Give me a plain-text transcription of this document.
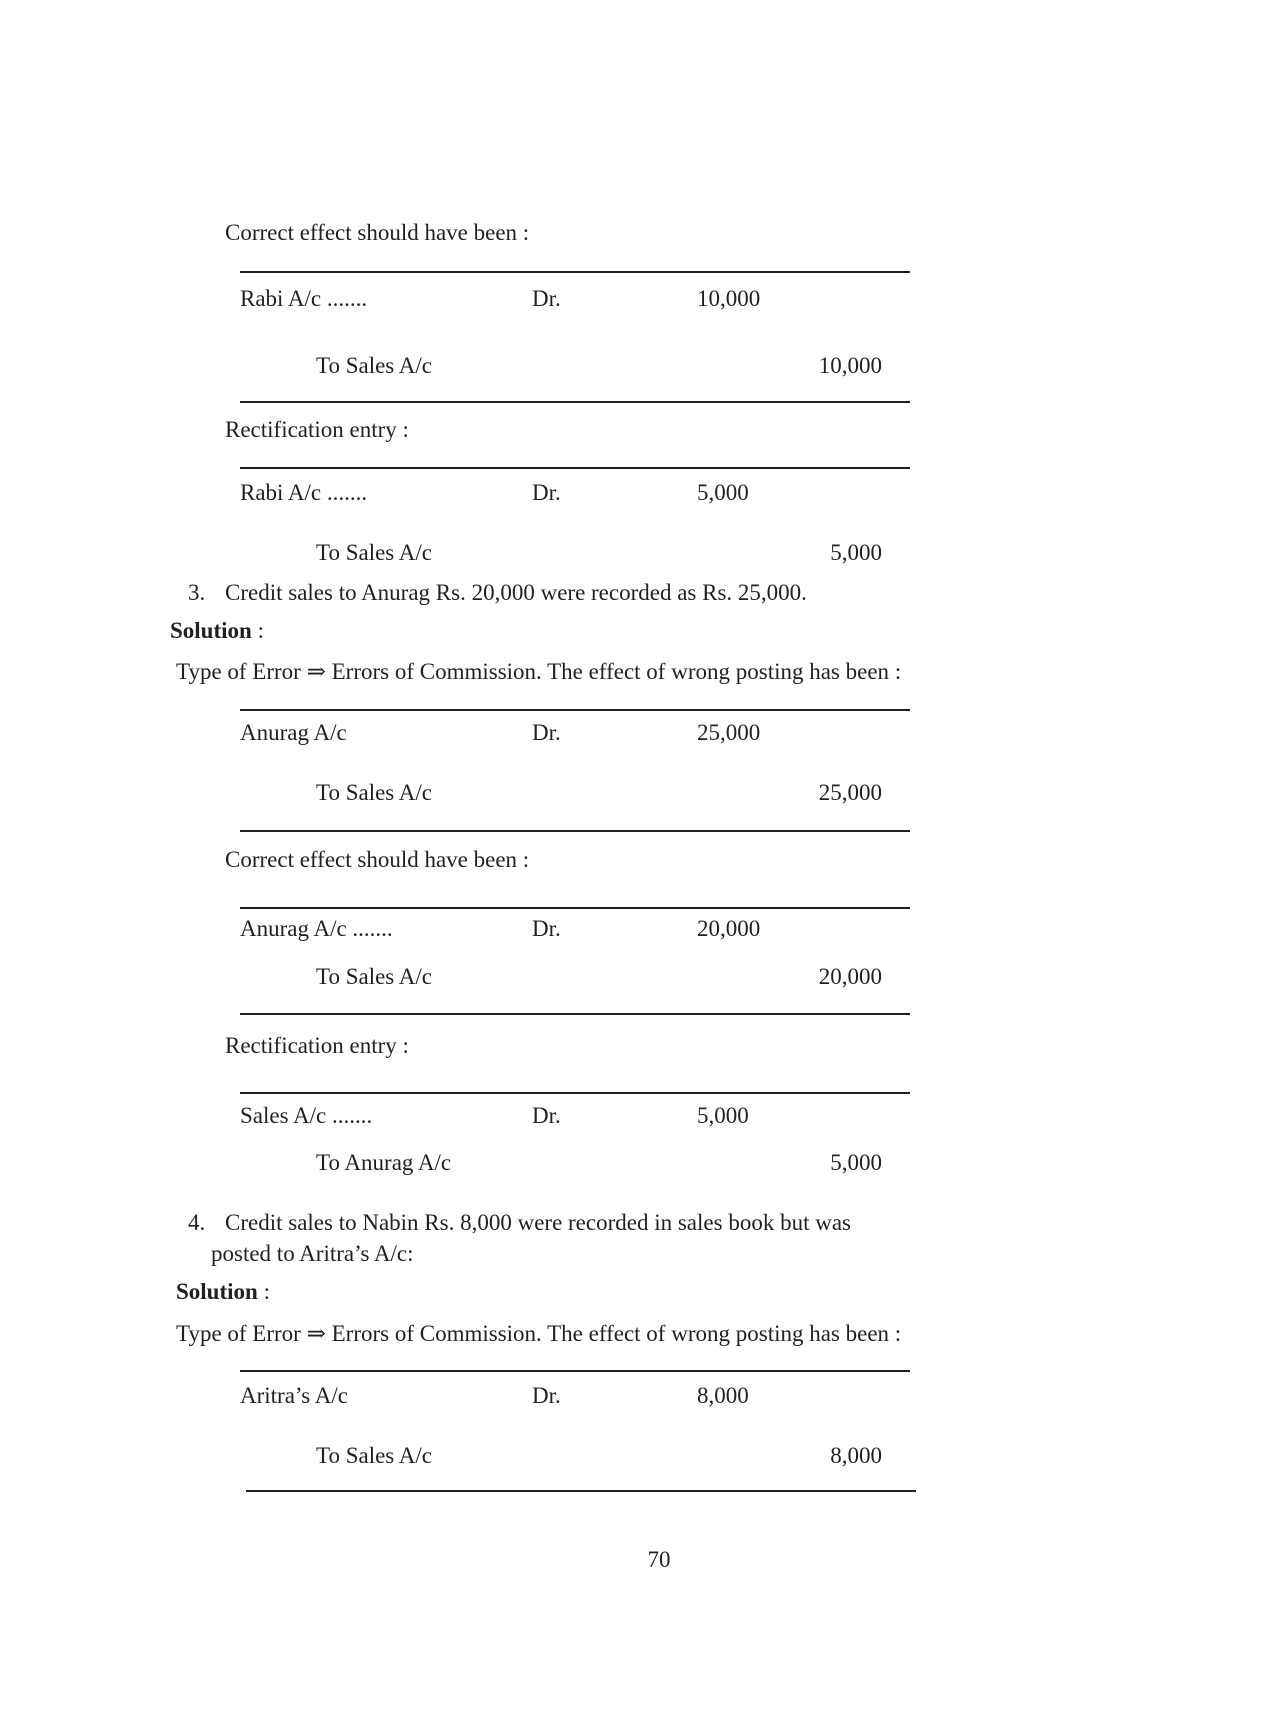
Correct effect should have been :
Rabi A/c .......	Dr.	10,000
To Sales A/c	10,000
Rectification entry :
Rabi A/c .......	Dr.	5,000
To Sales A/c	5,000
3. Credit sales to Anurag Rs. 20,000 were recorded as Rs. 25,000.
Solution :
Type of Error ⇒ Errors of Commission. The effect of wrong posting has been :
Anurag A/c	Dr.	25,000
To Sales A/c	25,000
Correct effect should have been :
Anurag A/c .......	Dr.	20,000
To Sales A/c	20,000
Rectification entry :
Sales A/c .......	Dr.	5,000
To Anurag A/c	5,000
4. Credit sales to Nabin Rs. 8,000 were recorded in sales book but was
posted to Aritra’s A/c:
Solution :
Type of Error ⇒ Errors of Commission. The effect of wrong posting has been :
Aritra’s A/c	Dr.	8,000
To Sales A/c	8,000
70
